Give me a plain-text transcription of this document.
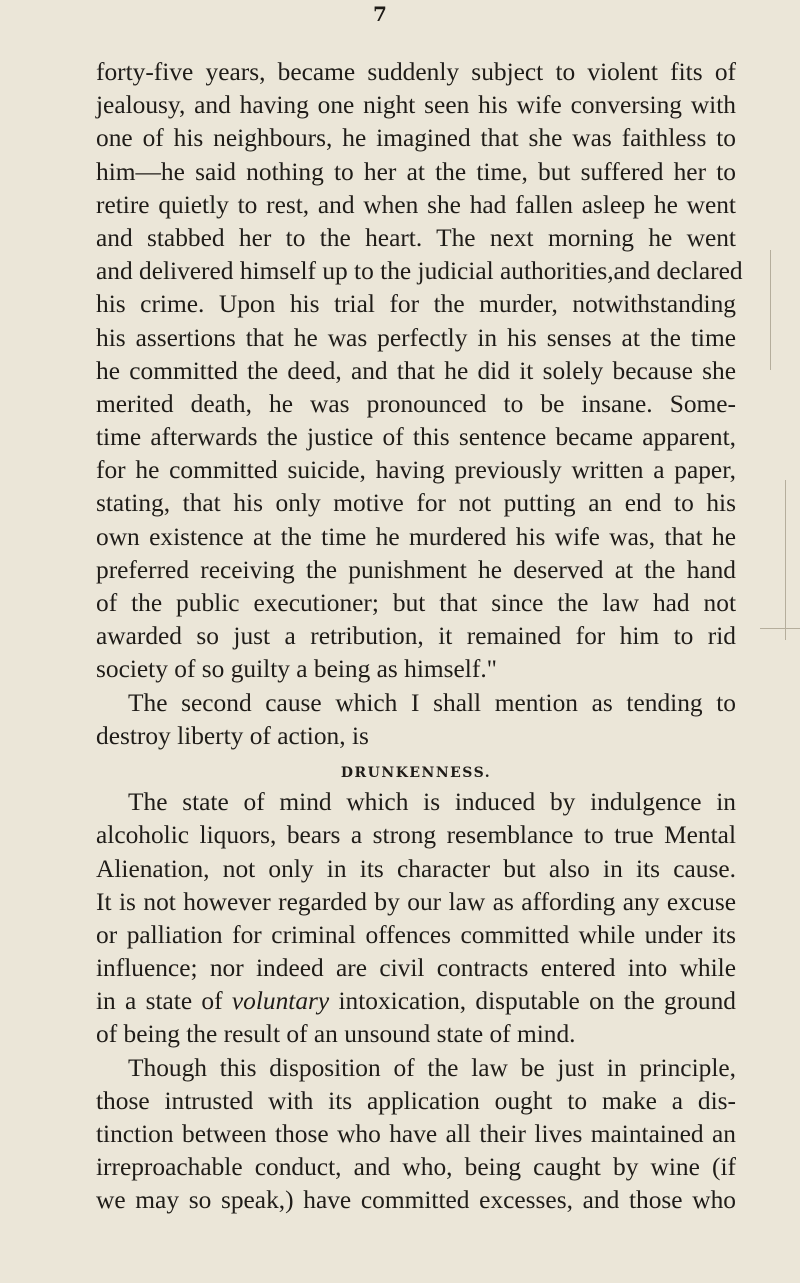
7
forty-five years, became suddenly subject to violent fits of
jealousy, and having one night seen his wife conversing with
one of his neighbours, he imagined that she was faithless to
him—he said nothing to her at the time, but suffered her to
retire quietly to rest, and when she had fallen asleep he went
and stabbed her to the heart. The next morning he went
and delivered himself up to the judicial authorities,and declared
his crime. Upon his trial for the murder, notwithstanding
his assertions that he was perfectly in his senses at the time
he committed the deed, and that he did it solely because she
merited death, he was pronounced to be insane. Some-
time afterwards the justice of this sentence became apparent,
for he committed suicide, having previously written a paper,
stating, that his only motive for not putting an end to his
own existence at the time he murdered his wife was, that he
preferred receiving the punishment he deserved at the hand
of the public executioner; but that since the law had not
awarded so just a retribution, it remained for him to rid
society of so guilty a being as himself."
The second cause which I shall mention as tending to
destroy liberty of action, is
DRUNKENNESS.
The state of mind which is induced by indulgence in
alcoholic liquors, bears a strong resemblance to true Mental
Alienation, not only in its character but also in its cause.
It is not however regarded by our law as affording any excuse
or palliation for criminal offences committed while under its
influence; nor indeed are civil contracts entered into while
in a state of voluntary intoxication, disputable on the ground
of being the result of an unsound state of mind.
Though this disposition of the law be just in principle,
those intrusted with its application ought to make a dis-
tinction between those who have all their lives maintained an
irreproachable conduct, and who, being caught by wine (if
we may so speak,) have committed excesses, and those who
